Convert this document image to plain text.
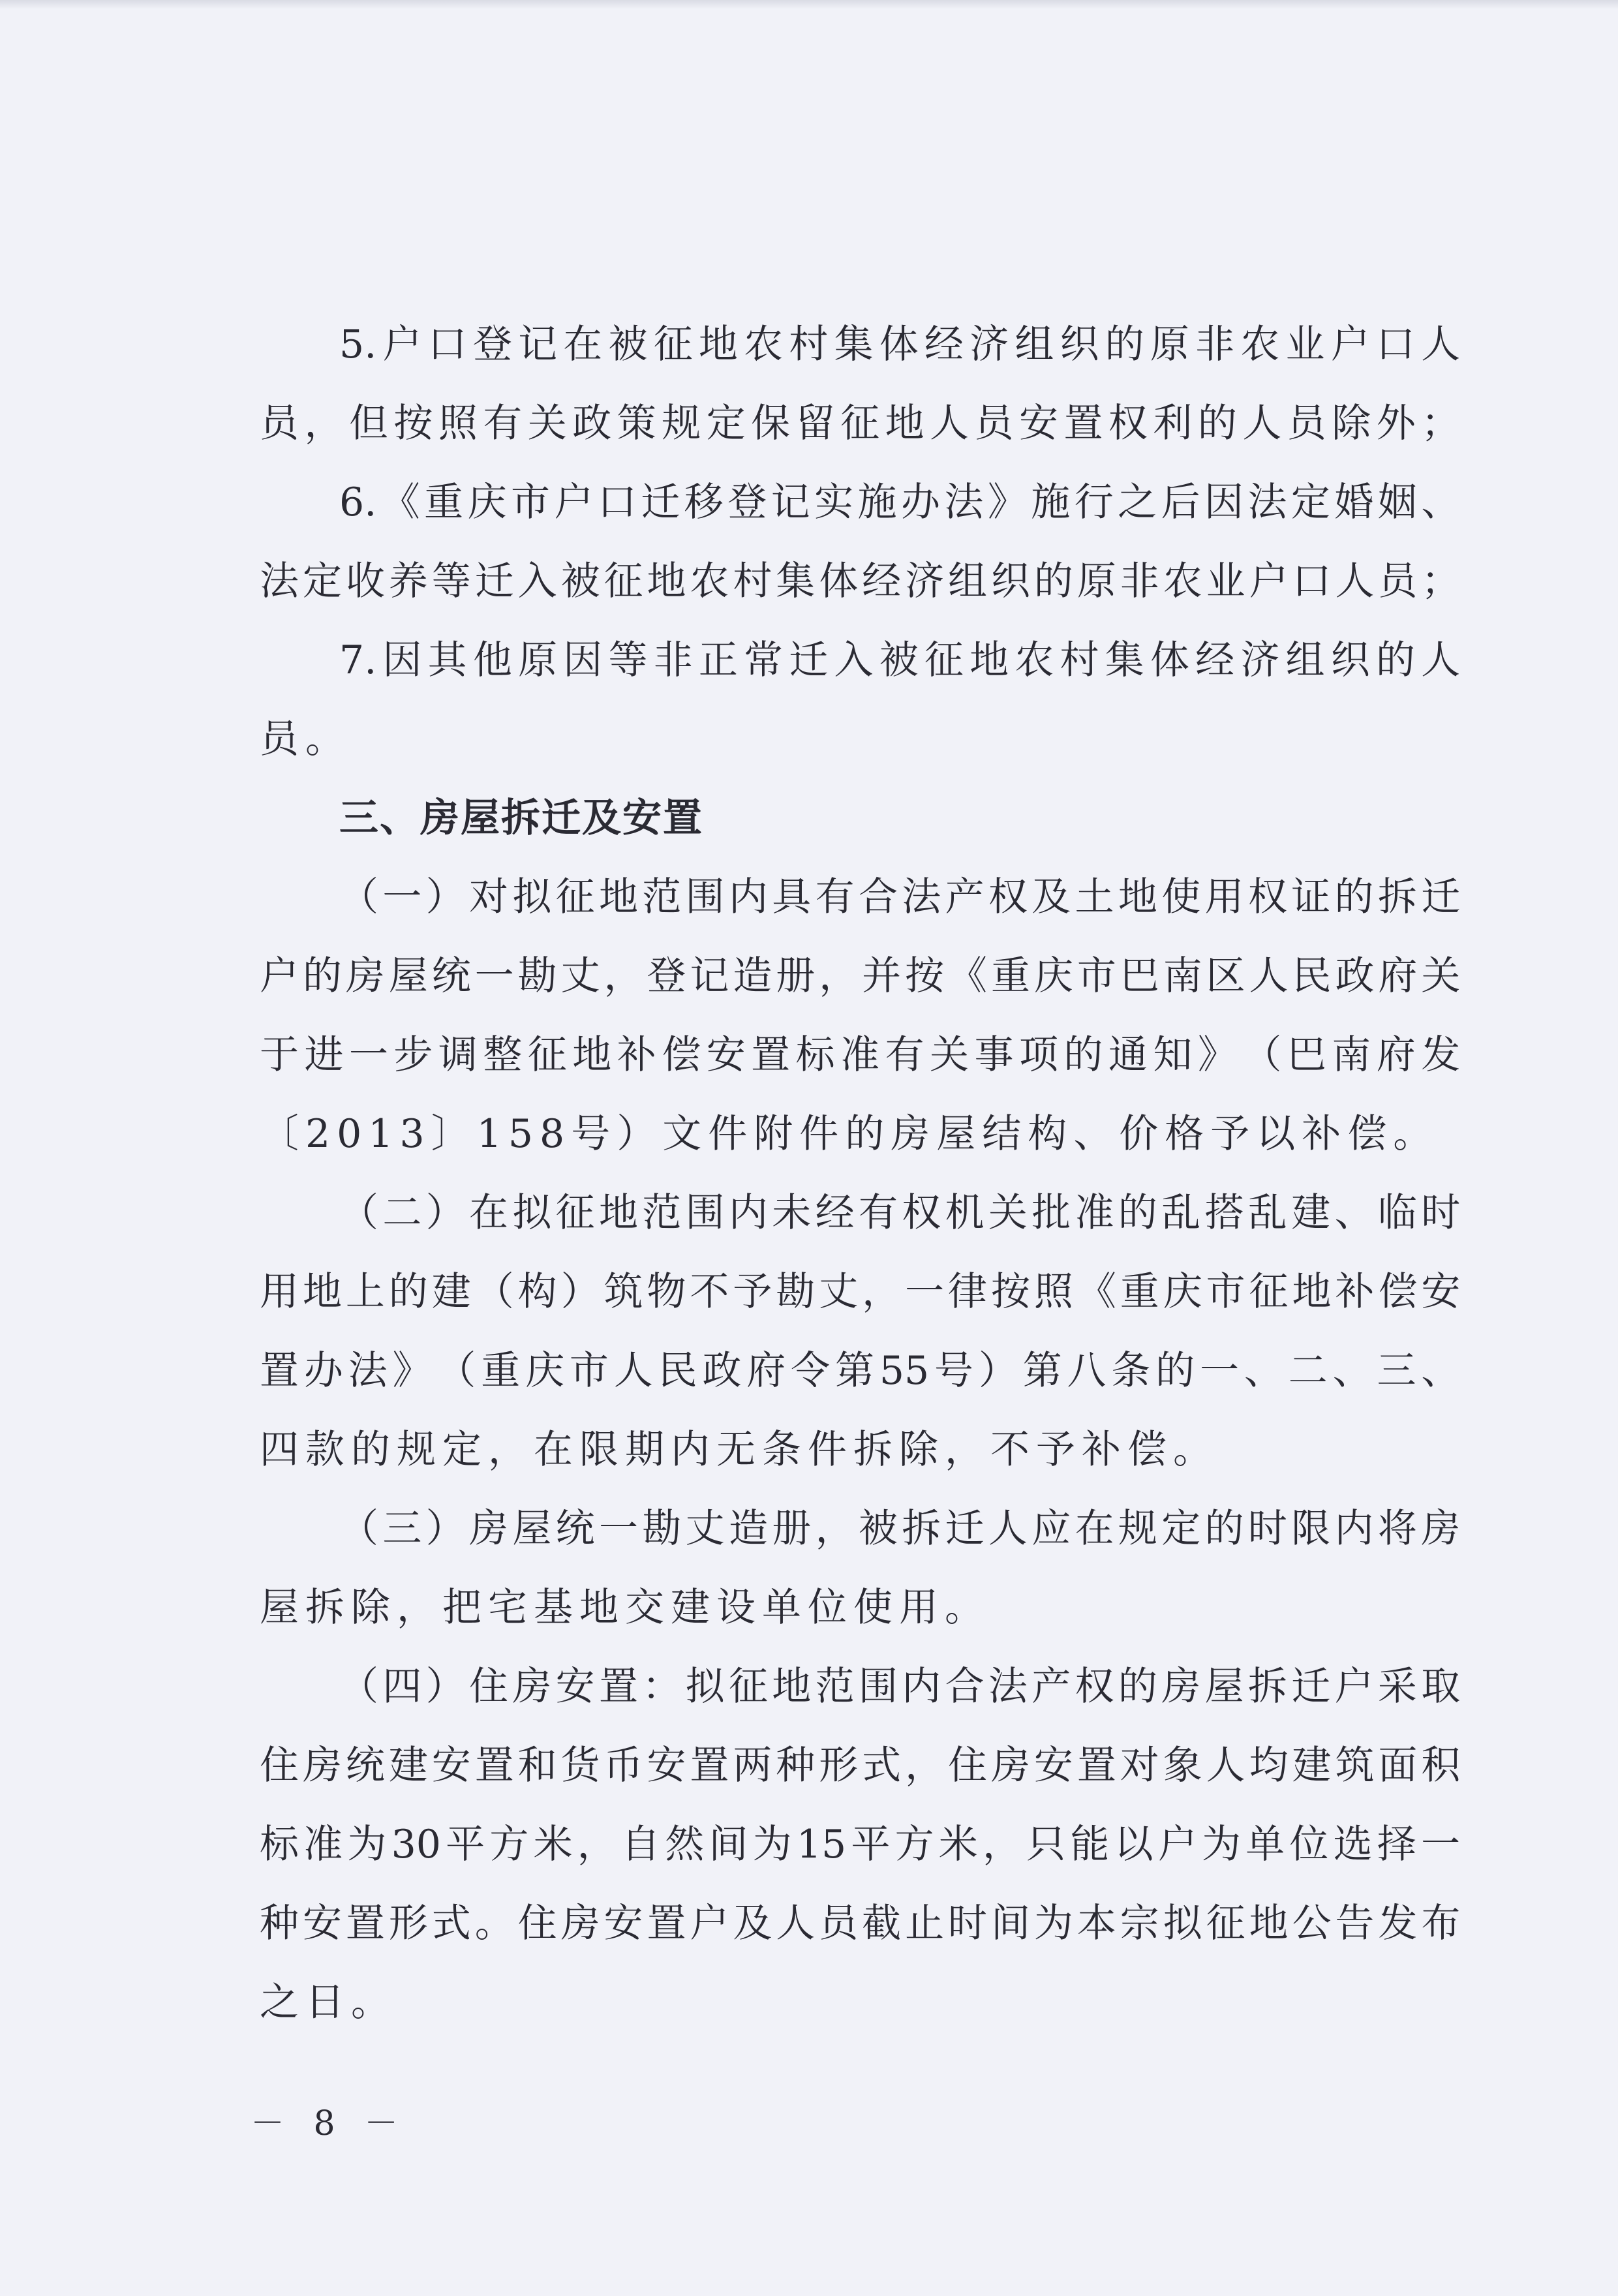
5.户口登记在被征地农村集体经济组织的原非农业户口人
员，但按照有关政策规定保留征地人员安置权利的人员除外；
6.《重庆市户口迁移登记实施办法》施行之后因法定婚姻、
法定收养等迁入被征地农村集体经济组织的原非农业户口人员；
7.因其他原因等非正常迁入被征地农村集体经济组织的人
员。
三、房屋拆迁及安置
（一）对拟征地范围内具有合法产权及土地使用权证的拆迁
户的房屋统一勘丈，登记造册，并按《重庆市巴南区人民政府关
于进一步调整征地补偿安置标准有关事项的通知》（巴南府发
〔2013〕158号）文件附件的房屋结构、价格予以补偿。
（二）在拟征地范围内未经有权机关批准的乱搭乱建、临时
用地上的建（构）筑物不予勘丈，一律按照《重庆市征地补偿安
置办法》（重庆市人民政府令第55号）第八条的一、二、三、
四款的规定，在限期内无条件拆除，不予补偿。
（三）房屋统一勘丈造册，被拆迁人应在规定的时限内将房
屋拆除，把宅基地交建设单位使用。
（四）住房安置：拟征地范围内合法产权的房屋拆迁户采取
住房统建安置和货币安置两种形式，住房安置对象人均建筑面积
标准为30平方米，自然间为15平方米，只能以户为单位选择一
种安置形式。住房安置户及人员截止时间为本宗拟征地公告发布
之日。
－ 8 －
